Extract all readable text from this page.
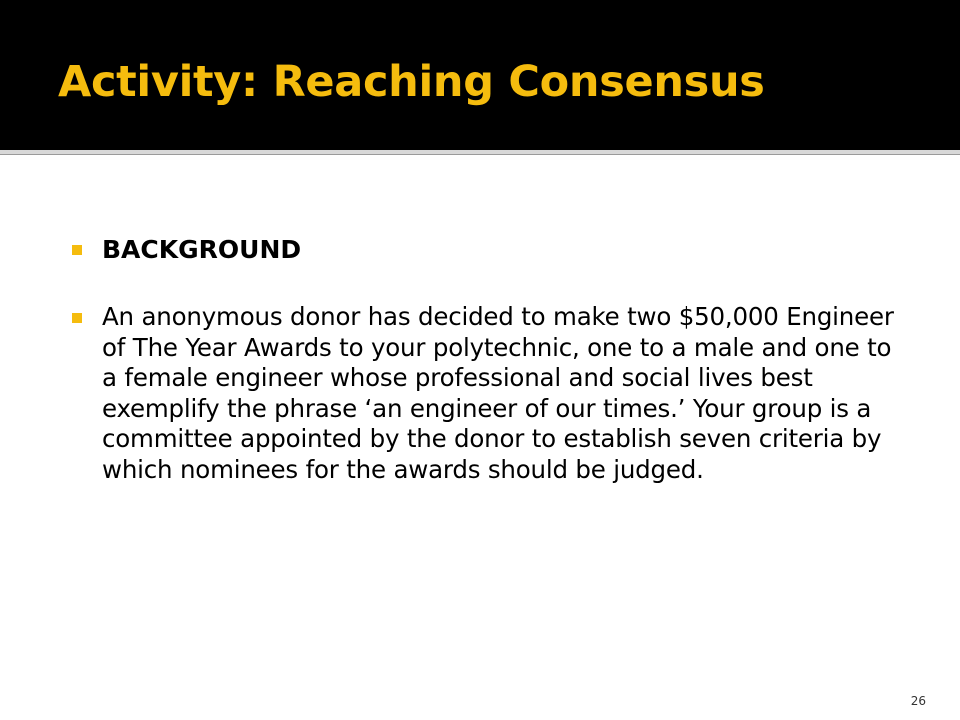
Activity: Reaching Consensus
BACKGROUND
An anonymous donor has decided to make two $50,000 Engineer of The Year Awards to your polytechnic, one to a male and one to a female engineer whose professional and social lives best exemplify the phrase ‘an engineer of our times.’ Your group is a committee appointed by the donor to establish seven criteria by which nominees for the awards should be judged.
26
